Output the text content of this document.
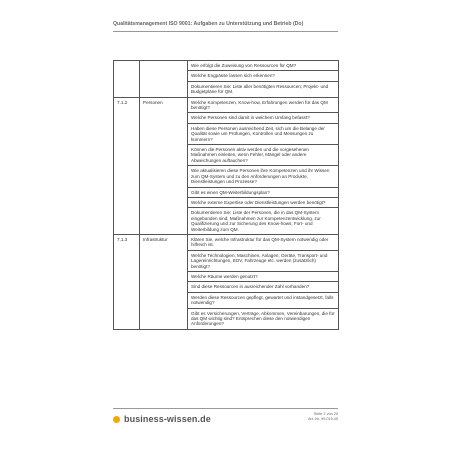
Qualitätsmanagement ISO 9001: Aufgaben zu Unterstützung und Betrieb (Do)

Wie erfolgt die Zuweisung von Ressourcen für QM?
Welche Engpässe lassen sich erkennen?
Dokumentieren Sie: Liste aller benötigten Ressourcen; Projekt- und Budgetpläne für QM.

7.1.2	Personen		Welche Kompetenzen, Know-how, Erfahrungen werden für das QM benötigt?
Welche Personen sind damit in welchem Umfang befasst?
Haben diese Personen ausreichend Zeit, sich um die Belange der Qualität sowie um Prüfungen, Kontrollen und Messungen zu kümmern?
Können die Personen aktiv werden und die vorgesehenen Maßnahmen einleiten, wenn Fehler, Mängel oder andere Abweichungen auftauchen?
Wie aktualisieren diese Personen ihre Kompetenzen und ihr Wissen zum QM-System und zu den Anforderungen an Produkte, Dienstleistungen und Prozesse?
Gibt es einen QM-Weiterbildungsplan?
Welche externe Expertise oder Dienstleistungen werden benötigt?
Dokumentieren Sie: Liste der Personen, die in das QM-System eingebunden sind; Maßnahmen zur Kompetenzentwicklung, zur Qualifizierung und zur Sicherung des Know-hows; Fort- und Weiterbildung zum QM.

7.1.3	Infrastruktur		Klären Sie, welche Infrastruktur für das QM-System notwendig oder hilfreich ist.
Welche Technologien, Maschinen, Anlagen, Geräte, Transport- und Lagereinrichtungen, EDV, Fahrzeuge etc. werden (zusätzlich) benötigt?
Welche Räume werden genutzt?
Sind diese Ressourcen in ausreichender Zahl vorhanden?
Werden diese Ressourcen gepflegt, gewartet und instandgesetzt, falls notwendig?
Gibt es Versicherungen, Verträge, Abkommen, Vereinbarungen, die für das QM wichtig sind? Entsprechen diese den notwendigen Anforderungen?
business-wissen.de	Seite 2 von 20
Art.-Nr. 99.015.49
